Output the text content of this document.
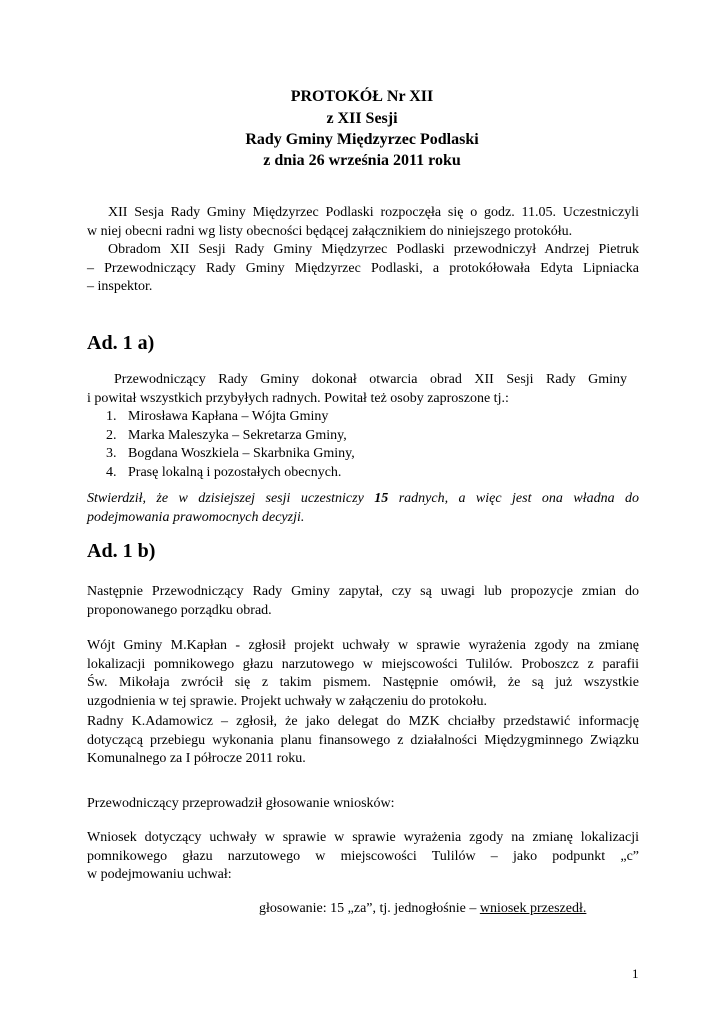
PROTOKÓŁ Nr XII
z XII Sesji
Rady Gminy Międzyrzec Podlaski
z dnia 26 września 2011 roku
XII Sesja Rady Gminy Międzyrzec Podlaski rozpoczęła się o godz. 11.05. Uczestniczyli
w niej obecni radni wg listy obecności będącej załącznikiem do niniejszego protokółu.
Obradom XII Sesji Rady Gminy Międzyrzec Podlaski przewodniczył Andrzej Pietruk
– Przewodniczący Rady Gminy Międzyrzec Podlaski, a protokółowała Edyta Lipniacka
– inspektor.
Ad. 1 a)
Przewodniczący Rady Gminy dokonał otwarcia obrad XII Sesji Rady Gminy
i powitał wszystkich przybyłych radnych. Powitał też osoby zaproszone tj.:
1. Mirosława Kapłana – Wójta Gminy
2. Marka Maleszyka – Sekretarza Gminy,
3. Bogdana Woszkiela – Skarbnika Gminy,
4. Prasę lokalną i pozostałych obecnych.
Stwierdził, że w dzisiejszej sesji uczestniczy 15 radnych, a więc jest ona władna do
podejmowania prawomocnych decyzji.
Ad. 1 b)
Następnie Przewodniczący Rady Gminy zapytał, czy są uwagi lub propozycje zmian do
proponowanego porządku obrad.
Wójt Gminy M.Kapłan - zgłosił projekt uchwały w sprawie wyrażenia zgody na zmianę
lokalizacji pomnikowego głazu narzutowego w miejscowości Tulilów. Proboszcz z parafii
Św. Mikołaja zwrócił się z takim pismem. Następnie omówił, że są już wszystkie
uzgodnienia w tej sprawie. Projekt uchwały w załączeniu do protokołu.
Radny K.Adamowicz – zgłosił, że jako delegat do MZK chciałby przedstawić informację
dotyczącą przebiegu wykonania planu finansowego z działalności Międzygminnego Związku
Komunalnego za I półrocze 2011 roku.
Przewodniczący przeprowadził głosowanie wniosków:
Wniosek dotyczący uchwały w sprawie w sprawie wyrażenia zgody na zmianę lokalizacji
pomnikowego głazu narzutowego w miejscowości Tulilów – jako podpunkt „c”
w podejmowaniu uchwał:
głosowanie: 15 „za”, tj. jednogłośnie – wniosek przeszedł.
1
